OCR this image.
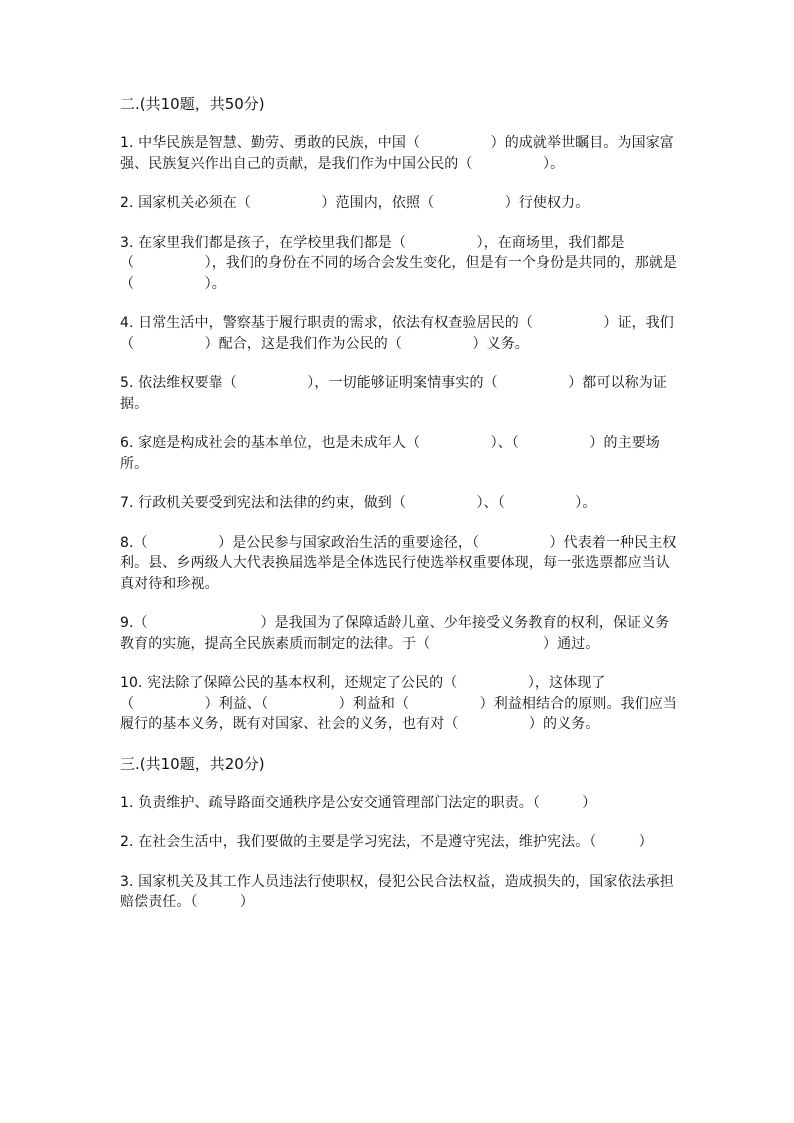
二.(共10题，共50分)
1. 中华民族是智慧、勤劳、勇敢的民族，中国（　　　　　）的成就举世瞩目。为国家富强、民族复兴作出自己的贡献，是我们作为中国公民的（　　　　　）。
2. 国家机关必须在（　　　　　）范围内，依照（　　　　　）行使权力。
3. 在家里我们都是孩子，在学校里我们都是（　　　　　），在商场里，我们都是（　　　　　），我们的身份在不同的场合会发生变化，但是有一个身份是共同的，那就是（　　　　　）。
4. 日常生活中，警察基于履行职责的需求，依法有权查验居民的（　　　　　）证，我们（　　　　　）配合，这是我们作为公民的（　　　　　）义务。
5. 依法维权要靠（　　　　　），一切能够证明案情事实的（　　　　　）都可以称为证据。
6. 家庭是构成社会的基本单位，也是未成年人（　　　　　）、（　　　　　）的主要场所。
7. 行政机关要受到宪法和法律的约束，做到（　　　　　）、（　　　　　）。
8.（　　　　　）是公民参与国家政治生活的重要途径，（　　　　　）代表着一种民主权利。县、乡两级人大代表换届选举是全体选民行使选举权重要体现，每一张选票都应当认真对待和珍视。
9.（　　　　　　　　）是我国为了保障适龄儿童、少年接受义务教育的权利，保证义务教育的实施，提高全民族素质而制定的法律。于（　　　　　　　　）通过。
10. 宪法除了保障公民的基本权利，还规定了公民的（　　　　　），这体现了（　　　　　）利益、（　　　　　）利益和（　　　　　）利益相结合的原则。我们应当履行的基本义务，既有对国家、社会的义务，也有对（　　　　　）的义务。
三.(共10题，共20分)
1. 负责维护、疏导路面交通秩序是公安交通管理部门法定的职责。（　　　）
2. 在社会生活中，我们要做的主要是学习宪法，不是遵守宪法，维护宪法。（　　　）
3. 国家机关及其工作人员违法行使职权，侵犯公民合法权益，造成损失的，国家依法承担赔偿责任。（　　　）
